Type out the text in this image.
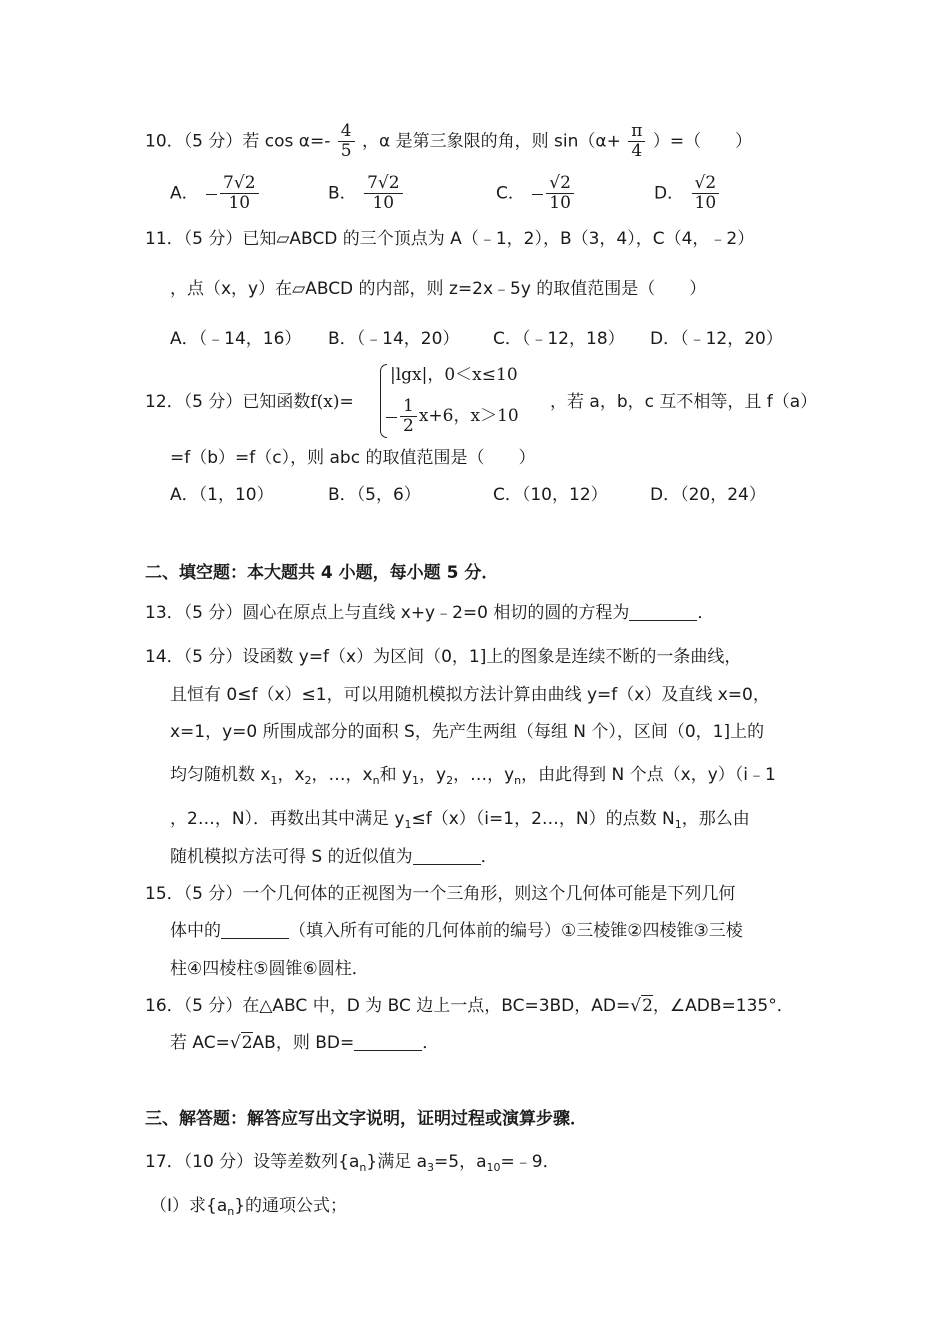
10．（5 分）若 $\cos \alpha=- \frac{4}{5}$ ，α 是第三象限的角，则 $\sin(\alpha+ \frac{\pi}{4}$ ）=（　　）
A． $\frac{7√2}{10}$	B． $\frac{7√2}{10}$	C． $\frac{√2}{10}$	D． $\frac{√2}{10}$
11．（5 分）已知▱ABCD 的三个顶点为 A（﹣1，2），B（3，4），C（4，﹣2）
，点（x，y）在▱ABCD 的内部，则 z=2x﹣5y 的取值范围是（　　）
A．（﹣14，16） B．（﹣14，20） C．（﹣12，18） D．（﹣12，20）
12．（5 分）已知函数f(x)=
|lgx|，0＜x≤10
$\frac{1}{2} x+6$，x＞10
，若 a，b，c 互不相等，且 f（a）
=f（b）=f（c），则 abc 的取值范围是（　　）
A．（1，10）	B．（5，6）	C．（10，12） D．（20，24）
二、填空题：本大题共 4 小题，每小题 5 分．
13．（5 分）圆心在原点上与直线 x+y﹣2=0 相切的圆的方程为	．
14．（5 分）设函数 y=f（x）为区间（0，1]上的图象是连续不断的一条曲线，
且恒有 0≤f（x）≤1，可以用随机模拟方法计算由曲线 y=f（x）及直线 x=0，
x=1，y=0 所围成部分的面积 S，先产生两组（每组 N 个），区间（0，1]上的
均匀随机数 $x_1$，$x_2$，…，$x_n$和 $y_1$，$y_2$，…，$y_n$，由此得到 N 个点（x，y）（i﹣1
，2…，N）．再数出其中满足 $y_1\le f(x)(i=1$，2…，N）的点数 $N_1$，那么由
随机模拟方法可得 S 的近似值为	．
15．（5 分）一个几何体的正视图为一个三角形，则这个几何体可能是下列几何
体中的	（填入所有可能的几何体前的编号）①三棱锥②四棱锥③三棱
柱④四棱柱⑤圆锥⑥圆柱．
16．（5 分）在△ABC 中，D 为 BC 边上一点，BC=3BD，AD=√2，∠ADB=135°．
若 AC=√2AB，则 BD=	．
三、解答题：解答应写出文字说明，证明过程或演算步骤．
17．（10 分）设等差数列$\{a_n\}$满足 $a_3=5$，$a_{10}=﹣9$．
（Ⅰ）求$\{a_n\}$的通项公式；
